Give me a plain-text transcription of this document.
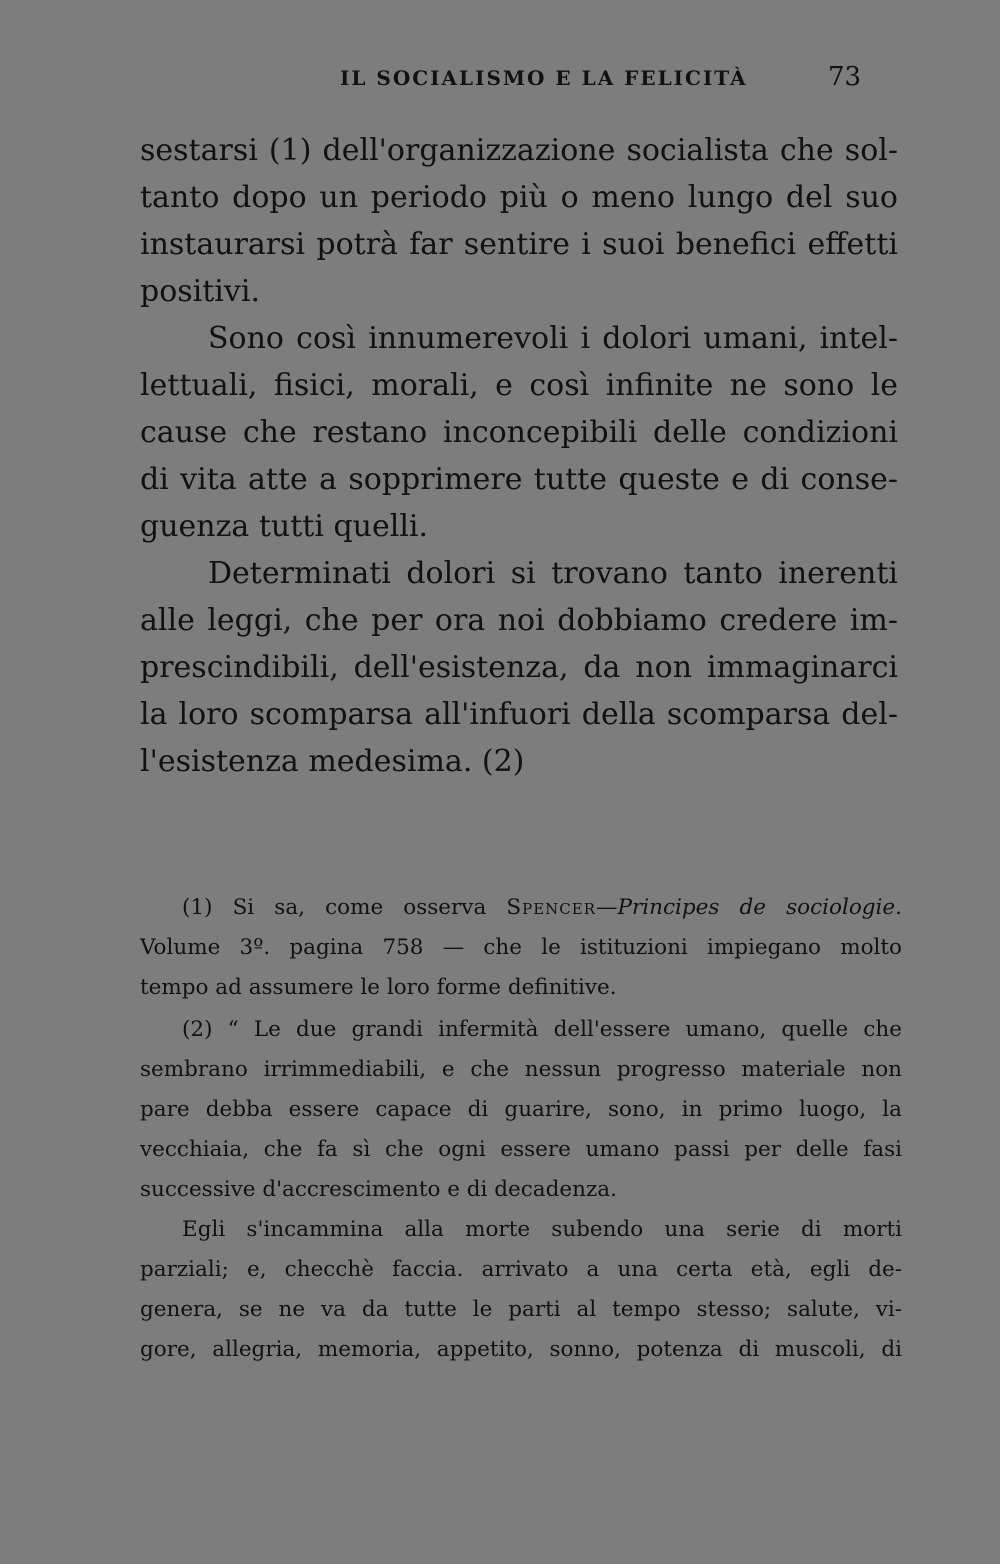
IL SOCIALISMO E LA FELICITÀ	73
sestarsi (1) dell'organizzazione socialista che sol-
tanto dopo un periodo più o meno lungo del suo
instaurarsi potrà far sentire i suoi benefici effetti
positivi.
Sono così innumerevoli i dolori umani, intel-
lettuali, fisici, morali, e così infinite ne sono le
cause che restano inconcepibili delle condizioni
di vita atte a sopprimere tutte queste e di conse-
guenza tutti quelli.
Determinati dolori si trovano tanto inerenti
alle leggi, che per ora noi dobbiamo credere im-
prescindibili, dell'esistenza, da non immaginarci
la loro scomparsa all'infuori della scomparsa del-
l'esistenza medesima. (2)
(1) Si sa, come osserva Spencer—Principes de sociologie.
Volume 3º. pagina 758 — che le istituzioni impiegano molto
tempo ad assumere le loro forme definitive.
(2) “ Le due grandi infermità dell'essere umano, quelle che
sembrano irrimmediabili, e che nessun progresso materiale non
pare debba essere capace di guarire, sono, in primo luogo, la
vecchiaia, che fa sì che ogni essere umano passi per delle fasi
successive d'accrescimento e di decadenza.
Egli s'incammina alla morte subendo una serie di morti
parziali; e, checchè faccia. arrivato a una certa età, egli de-
genera, se ne va da tutte le parti al tempo stesso; salute, vi-
gore, allegria, memoria, appetito, sonno, potenza di muscoli, di
